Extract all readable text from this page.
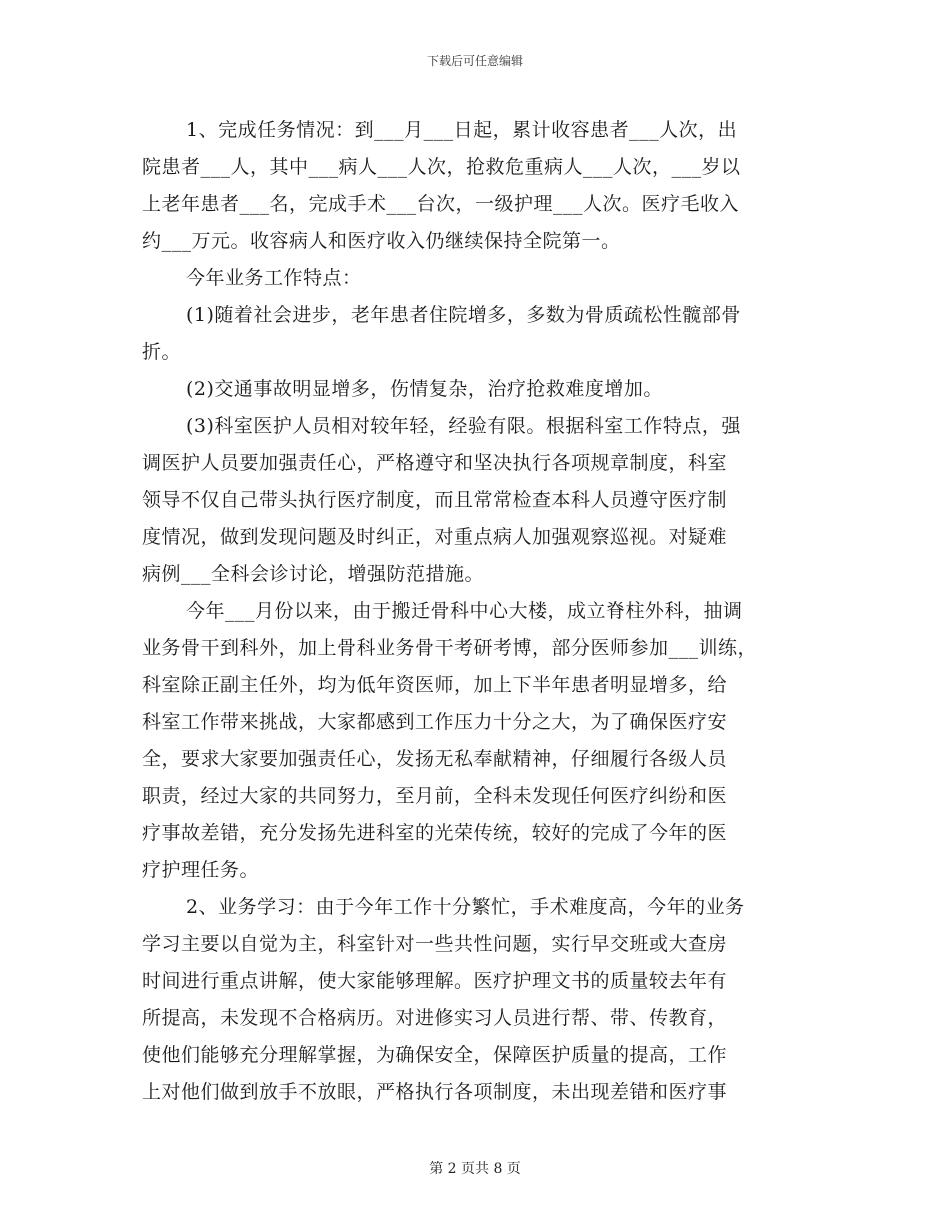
下载后可任意编辑
1、完成任务情况：到___月___日起，累计收容患者___人次，出
院患者___人，其中___病人___人次，抢救危重病人___人次，___岁以
上老年患者___名，完成手术___台次，一级护理___人次。医疗毛收入
约___万元。收容病人和医疗收入仍继续保持全院第一。
今年业务工作特点：
(1)随着社会进步，老年患者住院增多，多数为骨质疏松性髋部骨
折。
(2)交通事故明显增多，伤情复杂，治疗抢救难度增加。
(3)科室医护人员相对较年轻，经验有限。根据科室工作特点，强
调医护人员要加强责任心，严格遵守和坚决执行各项规章制度，科室
领导不仅自己带头执行医疗制度，而且常常检查本科人员遵守医疗制
度情况，做到发现问题及时纠正，对重点病人加强观察巡视。对疑难
病例___全科会诊讨论，增强防范措施。
今年___月份以来，由于搬迁骨科中心大楼，成立脊柱外科，抽调
业务骨干到科外，加上骨科业务骨干考研考博，部分医师参加___训练，
科室除正副主任外，均为低年资医师，加上下半年患者明显增多，给
科室工作带来挑战，大家都感到工作压力十分之大，为了确保医疗安
全，要求大家要加强责任心，发扬无私奉献精神，仔细履行各级人员
职责，经过大家的共同努力，至月前，全科未发现任何医疗纠纷和医
疗事故差错，充分发扬先进科室的光荣传统，较好的完成了今年的医
疗护理任务。
2、业务学习：由于今年工作十分繁忙，手术难度高，今年的业务
学习主要以自觉为主，科室针对一些共性问题，实行早交班或大查房
时间进行重点讲解，使大家能够理解。医疗护理文书的质量较去年有
所提高，未发现不合格病历。对进修实习人员进行帮、带、传教育，
使他们能够充分理解掌握，为确保安全，保障医护质量的提高，工作
上对他们做到放手不放眼，严格执行各项制度，未出现差错和医疗事
第 2 页共 8 页
